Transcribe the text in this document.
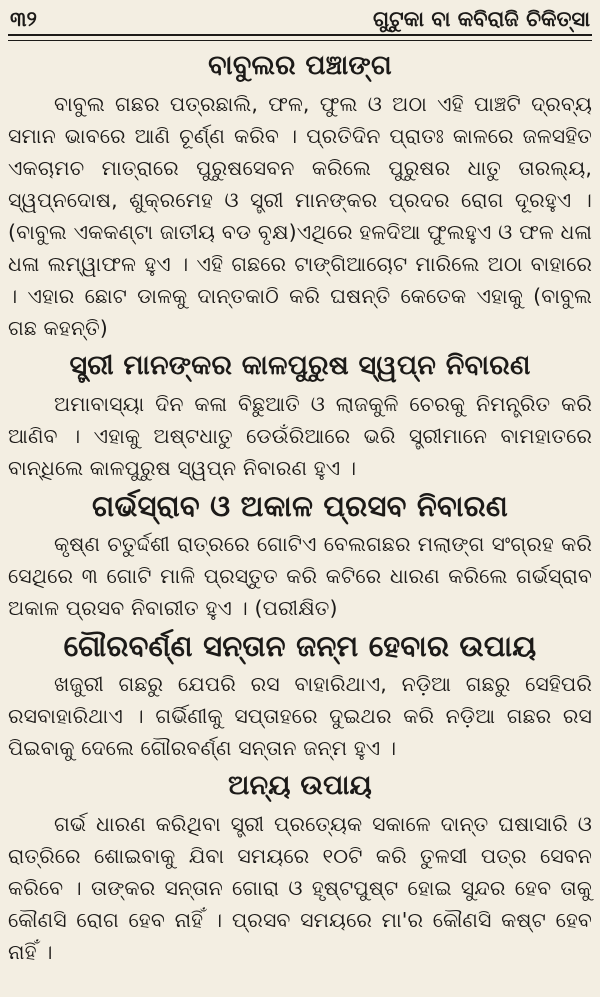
୩୨	ଗୁଟୁକା ବା କବିରାଜି ଚିକିତ୍ସା
ବାବୁଲର ପଞ୍ଚାଙ୍ଗ

ବାବୁଲ ଗଛର ପତ୍ରଛାଲି, ଫଳ, ଫୁଲ ଓ ଅଠା ଏହି ପାଞ୍ଚଟି ଦ୍ରବ୍ୟ ସମାନ ଭାବରେ ଆଣି ଚୂର୍ଣ୍ଣ କରିବ । ପ୍ରତିଦିନ ପ୍ରାତଃ କାଳରେ ଜଳସହିତ ଏକଚାମଚ ମାତ୍ରାରେ ପୁରୁଷସେବନ କରିଲେ ପୁରୁଷର ଧାତୁ ତାରଲ୍ୟ, ସ୍ୱପ୍ନଦୋଷ, ଶୁକ୍ରମେହ ଓ ସ୍ତ୍ରୀ ମାନଙ୍କର ପ୍ରଦର ରୋଗ ଦୂରହୁଏ । (ବାବୁଲ ଏକକଣ୍ଟା ଜାତୀୟ ବଡ ବୃକ୍ଷ)ଏଥିରେ ହଳଦିଆ ଫୁଲହୁଏ ଓ ଫଳ ଧଳା ଧଳା ଲମ୍ୱାଫଳ ହୁଏ । ଏହି ଗଛରେ ଟାଙ୍ଗିଆଚୋଟ ମାରିଲେ ଅଠା ବାହାରେ । ଏହାର ଛୋଟ ଡାଳକୁ ଦାନ୍ତକାଠି କରି ଘଷନ୍ତି କେତେକ ଏହାକୁ (ବାବୁଲ ଗଛ କହନ୍ତି)

ସ୍ତ୍ରୀ ମାନଙ୍କର କାଳପୁରୁଷ ସ୍ୱପ୍ନ ନିବାରଣ

ଅମାବାସ୍ୟା ଦିନ କଳା ବିଛୁଆତି ଓ ଲାଜକୁଳି ଚେରକୁ ନିମନ୍ତ୍ରିତ କରି ଆଣିବ । ଏହାକୁ ଅଷ୍ଟଧାତୁ ଡେଉଁରିଆରେ ଭରି ସ୍ତ୍ରୀମାନେ ବାମହାତରେ ବାନ୍ଧିଲେ କାଳପୁରୁଷ ସ୍ୱପ୍ନ ନିବାରଣ ହୁଏ ।

ଗର୍ଭସ୍ରାବ ଓ ଅକାଳ ପ୍ରସବ ନିବାରଣ

କୃଷ୍ଣ ଚତୁର୍ଦ୍ଦଶୀ ରାତ୍ରରେ ଗୋଟିଏ ବେଲଗଛର ମଲାଙ୍ଗ ସଂଗ୍ରହ କରି ସେଥିରେ ୩ ଗୋଟି ମାଳି ପ୍ରସ୍ତୁତ କରି କଟିରେ ଧାରଣ କରିଲେ ଗର୍ଭସ୍ରାବ ଅକାଳ ପ୍ରସବ ନିବାରୀତ ହୁଏ । (ପରୀକ୍ଷିତ)

ଗୌରବର୍ଣ୍ଣ ସନ୍ତାନ ଜନ୍ମ ହେବାର ଉପାୟ

ଖଜୁରୀ ଗଛରୁ ଯେପରି ରସ ବାହାରିଥାଏ, ନଡ଼ିଆ ଗଛରୁ ସେହିପରି ରସବାହାରିଥାଏ । ଗର୍ଭିଣୀକୁ ସପ୍ତାହରେ ଦୁଇଥର କରି ନଡ଼ିଆ ଗଛର ରସ ପିଇବାକୁ ଦେଲେ ଗୌରବର୍ଣ୍ଣ ସନ୍ତାନ ଜନ୍ମ ହୁଏ ।

ଅନ୍ୟ ଉପାୟ

ଗର୍ଭ ଧାରଣ କରିଥିବା ସ୍ତ୍ରୀ ପ୍ରତ୍ୟେକ ସକାଳେ ଦାନ୍ତ ଘଷାସାରି ଓ ରାତ୍ରିରେ ଶୋଇବାକୁ ଯିବା ସମୟରେ ୧୦ଟି କରି ତୁଳସୀ ପତ୍ର ସେବନ କରିବେ । ତାଙ୍କର ସନ୍ତାନ ଗୋରା ଓ ହୃଷ୍ଟପୁଷ୍ଟ ହୋଇ ସୁନ୍ଦର ହେବ ତାକୁ କୌଣସି ରୋଗ ହେବ ନାହିଁ । ପ୍ରସବ ସମୟରେ ମା'ର କୌଣସି କଷ୍ଟ ହେବ ନାହିଁ ।
